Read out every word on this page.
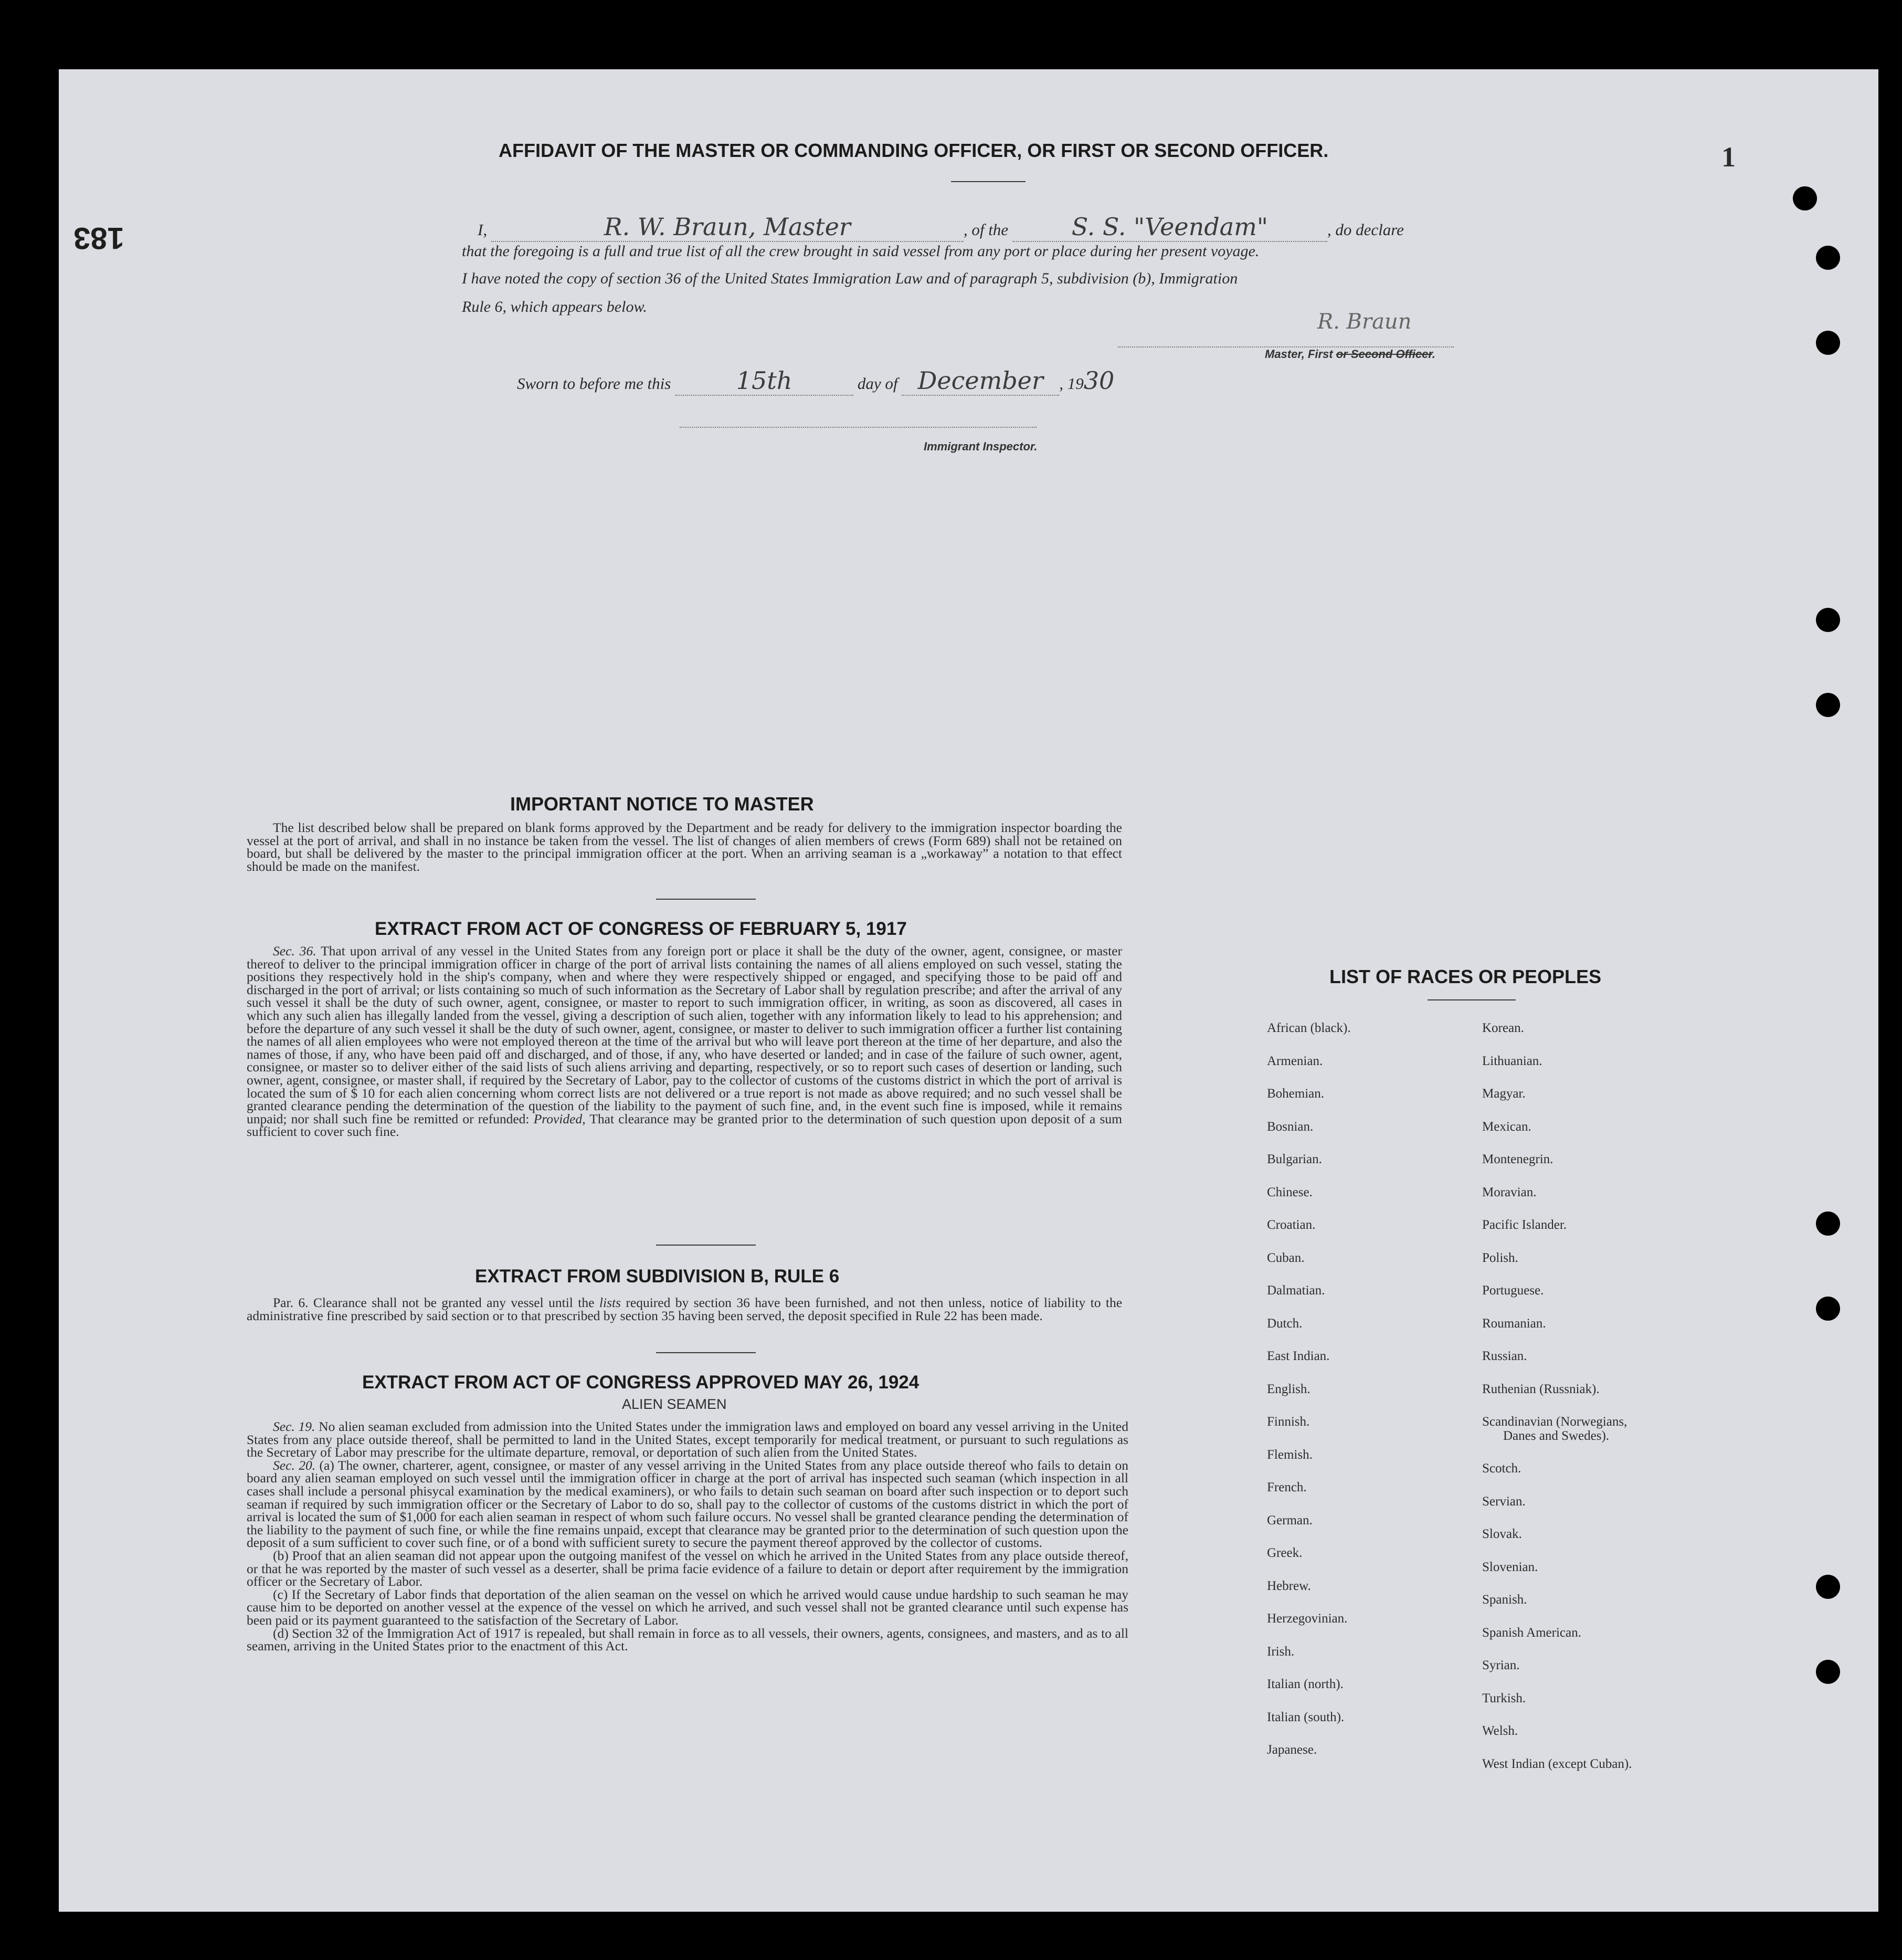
183
1
AFFIDAVIT OF THE MASTER OR COMMANDING OFFICER, OR FIRST OR SECOND OFFICER.
I,	R. W. Braun, Master	, of the	S. S. "Veendam"	, do declare
that the foregoing is a full and true list of all the crew brought in said vessel from any port or place during her present voyage.
I have noted the copy of section 36 of the United States Immigration Law and of paragraph 5, subdivision (b), Immigration
Rule 6, which appears below.
R. Braun
Master, First or Second Officer.
Sworn to before me this	15th	day of December , 1930
Immigrant Inspector.
IMPORTANT NOTICE TO MASTER

The list described below shall be prepared on blank forms approved by the Department and be ready for delivery to the immigration inspector boarding the vessel at the port of arrival, and shall in no instance be taken from the vessel. The list of changes of alien members of crews (Form 689) shall not be retained on board, but shall be delivered by the master to the principal immigration officer at the port. When an arriving seaman is a „workaway” a notation to that effect should be made on the manifest.

EXTRACT FROM ACT OF CONGRESS OF FEBRUARY 5, 1917

Sec. 36. That upon arrival of any vessel in the United States from any foreign port or place it shall be the duty of the owner, agent, consignee, or master thereof to deliver to the principal immigration officer in charge of the port of arrival lists containing the names of all aliens employed on such vessel, stating the positions they respectively hold in the ship's company, when and where they were respectively shipped or engaged, and specifying those to be paid off and discharged in the port of arrival; or lists containing so much of such information as the Secretary of Labor shall by regulation prescribe; and after the arrival of any such vessel it shall be the duty of such owner, agent, consignee, or master to report to such immigration officer, in writing, as soon as discovered, all cases in which any such alien has illegally landed from the vessel, giving a description of such alien, together with any information likely to lead to his apprehension; and before the departure of any such vessel it shall be the duty of such owner, agent, consignee, or master to deliver to such immigration officer a further list containing the names of all alien employees who were not employed thereon at the time of the arrival but who will leave port thereon at the time of her departure, and also the names of those, if any, who have been paid off and discharged, and of those, if any, who have deserted or landed; and in case of the failure of such owner, agent, consignee, or master so to deliver either of the said lists of such aliens arriving and departing, respectively, or so to report such cases of desertion or landing, such owner, agent, consignee, or master shall, if required by the Secretary of Labor, pay to the collector of customs of the customs district in which the port of arrival is located the sum of $ 10 for each alien concerning whom correct lists are not delivered or a true report is not made as above required; and no such vessel shall be granted clearance pending the determination of the question of the liability to the payment of such fine, and, in the event such fine is imposed, while it remains unpaid; nor shall such fine be remitted or refunded: Provided, That clearance may be granted prior to the determination of such question upon deposit of a sum sufficient to cover such fine.

EXTRACT FROM SUBDIVISION B, RULE 6

Par. 6. Clearance shall not be granted any vessel until the lists required by section 36 have been furnished, and not then unless, notice of liability to the administrative fine prescribed by said section or to that prescribed by section 35 having been served, the deposit specified in Rule 22 has been made.

EXTRACT FROM ACT OF CONGRESS APPROVED MAY 26, 1924
ALIEN SEAMEN

Sec. 19. No alien seaman excluded from admission into the United States under the immigration laws and employed on board any vessel arriving in the United States from any place outside thereof, shall be permitted to land in the United States, except temporarily for medical treatment, or pursuant to such regulations as the Secretary of Labor may prescribe for the ultimate departure, removal, or deportation of such alien from the United States.

Sec. 20. (a) The owner, charterer, agent, consignee, or master of any vessel arriving in the United States from any place outside thereof who fails to detain on board any alien seaman employed on such vessel until the immigration officer in charge at the port of arrival has inspected such seaman (which inspection in all cases shall include a personal phisycal examination by the medical examiners), or who fails to detain such seaman on board after such inspection or to deport such seaman if required by such immigration officer or the Secretary of Labor to do so, shall pay to the collector of customs of the customs district in which the port of arrival is located the sum of $1,000 for each alien seaman in respect of whom such failure occurs. No vessel shall be granted clearance pending the determination of the liability to the payment of such fine, or while the fine remains unpaid, except that clearance may be granted prior to the determination of such question upon the deposit of a sum sufficient to cover such fine, or of a bond with sufficient surety to secure the payment thereof approved by the collector of customs.

(b) Proof that an alien seaman did not appear upon the outgoing manifest of the vessel on which he arrived in the United States from any place outside thereof, or that he was reported by the master of such vessel as a deserter, shall be prima facie evidence of a failure to detain or deport after requirement by the immigration officer or the Secretary of Labor.

(c) If the Secretary of Labor finds that deportation of the alien seaman on the vessel on which he arrived would cause undue hardship to such seaman he may cause him to be deported on another vessel at the expence of the vessel on which he arrived, and such vessel shall not be granted clearance until such expense has been paid or its payment guaranteed to the satisfaction of the Secretary of Labor.

(d) Section 32 of the Immigration Act of 1917 is repealed, but shall remain in force as to all vessels, their owners, agents, consignees, and masters, and as to all seamen, arriving in the United States prior to the enactment of this Act.

LIST OF RACES OR PEOPLES
African (black).
Armenian.
Bohemian.
Bosnian.
Bulgarian.
Chinese.
Croatian.
Cuban.
Dalmatian.
Dutch.
East Indian.
English.
Finnish.
Flemish.
French.
German.
Greek.
Hebrew.
Herzegovinian.
Irish.
Italian (north).
Italian (south).
Japanese.
Korean.
Lithuanian.
Magyar.
Mexican.
Montenegrin.
Moravian.
Pacific Islander.
Polish.
Portuguese.
Roumanian.
Russian.
Ruthenian (Russniak).
Scandinavian (Norwegians,
Danes and Swedes).
Scotch.
Servian.
Slovak.
Slovenian.
Spanish.
Spanish American.
Syrian.
Turkish.
Welsh.
West Indian (except Cuban).
